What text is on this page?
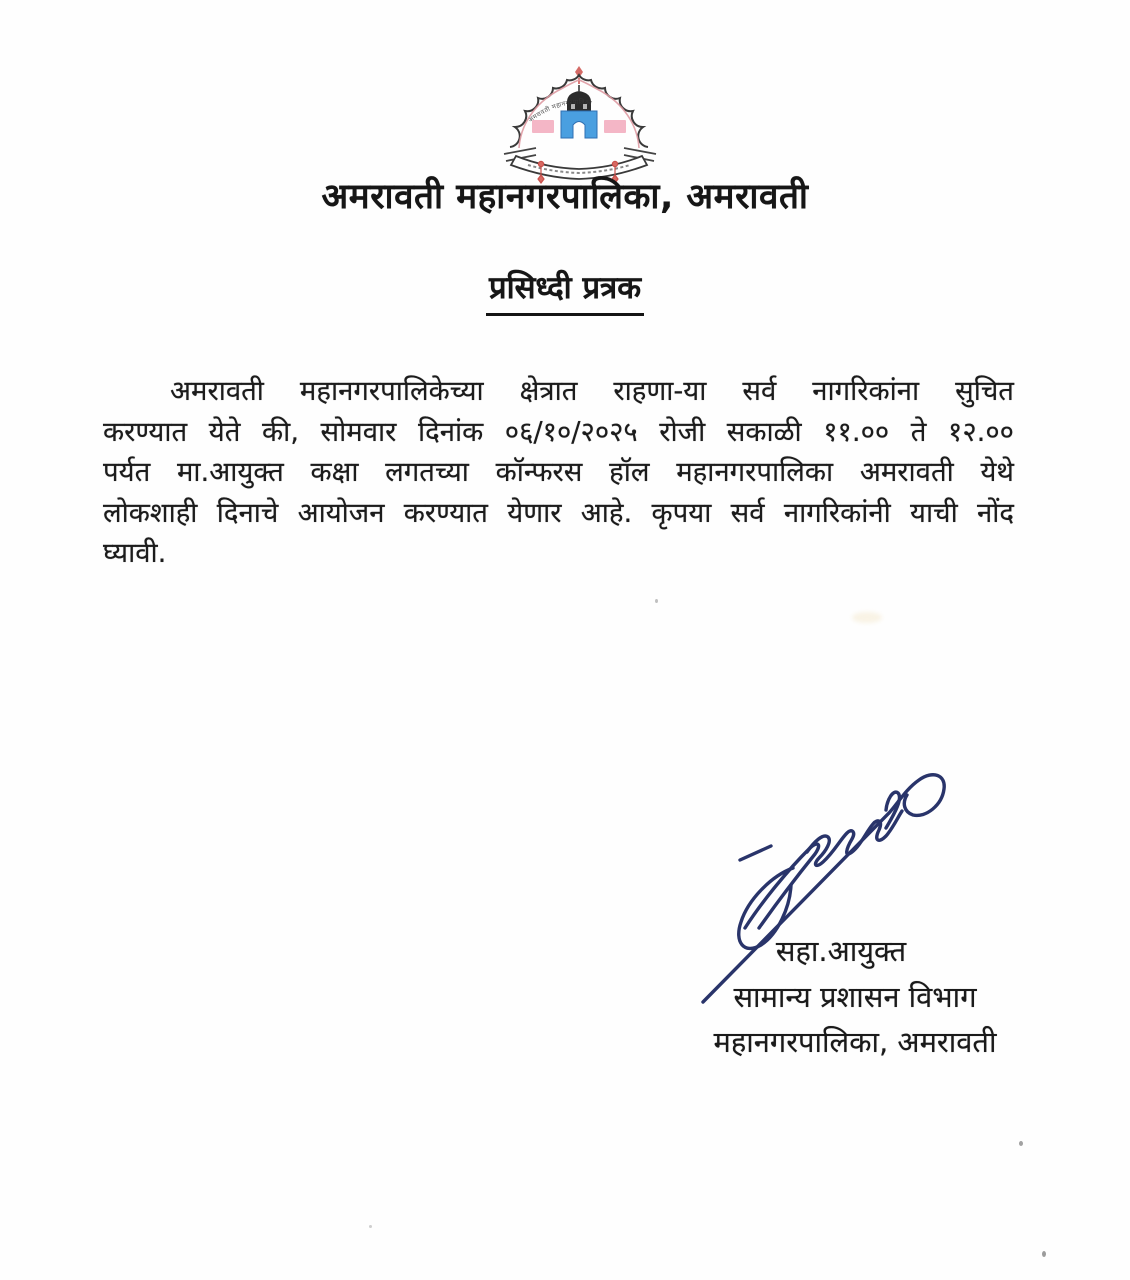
अमरावती महानगरपालिका
अमरावती महानगरपालिका, अमरावती
प्रसिध्दी प्रत्रक
अमरावती महानगरपालिकेच्या क्षेत्रात राहणा-या सर्व नागरिकांना सुचित
करण्यात येते की, सोमवार दिनांक ०६/१०/२०२५ रोजी सकाळी ११.०० ते १२.००
पर्यत मा.आयुक्त कक्षा लगतच्या कॉन्फरस हॉल महानगरपालिका अमरावती येथे
लोकशाही दिनाचे आयोजन करण्यात येणार आहे. कृपया सर्व नागरिकांनी याची नोंद
घ्यावी.
सहा.आयुक्त
सामान्य प्रशासन विभाग
महानगरपालिका, अमरावती
